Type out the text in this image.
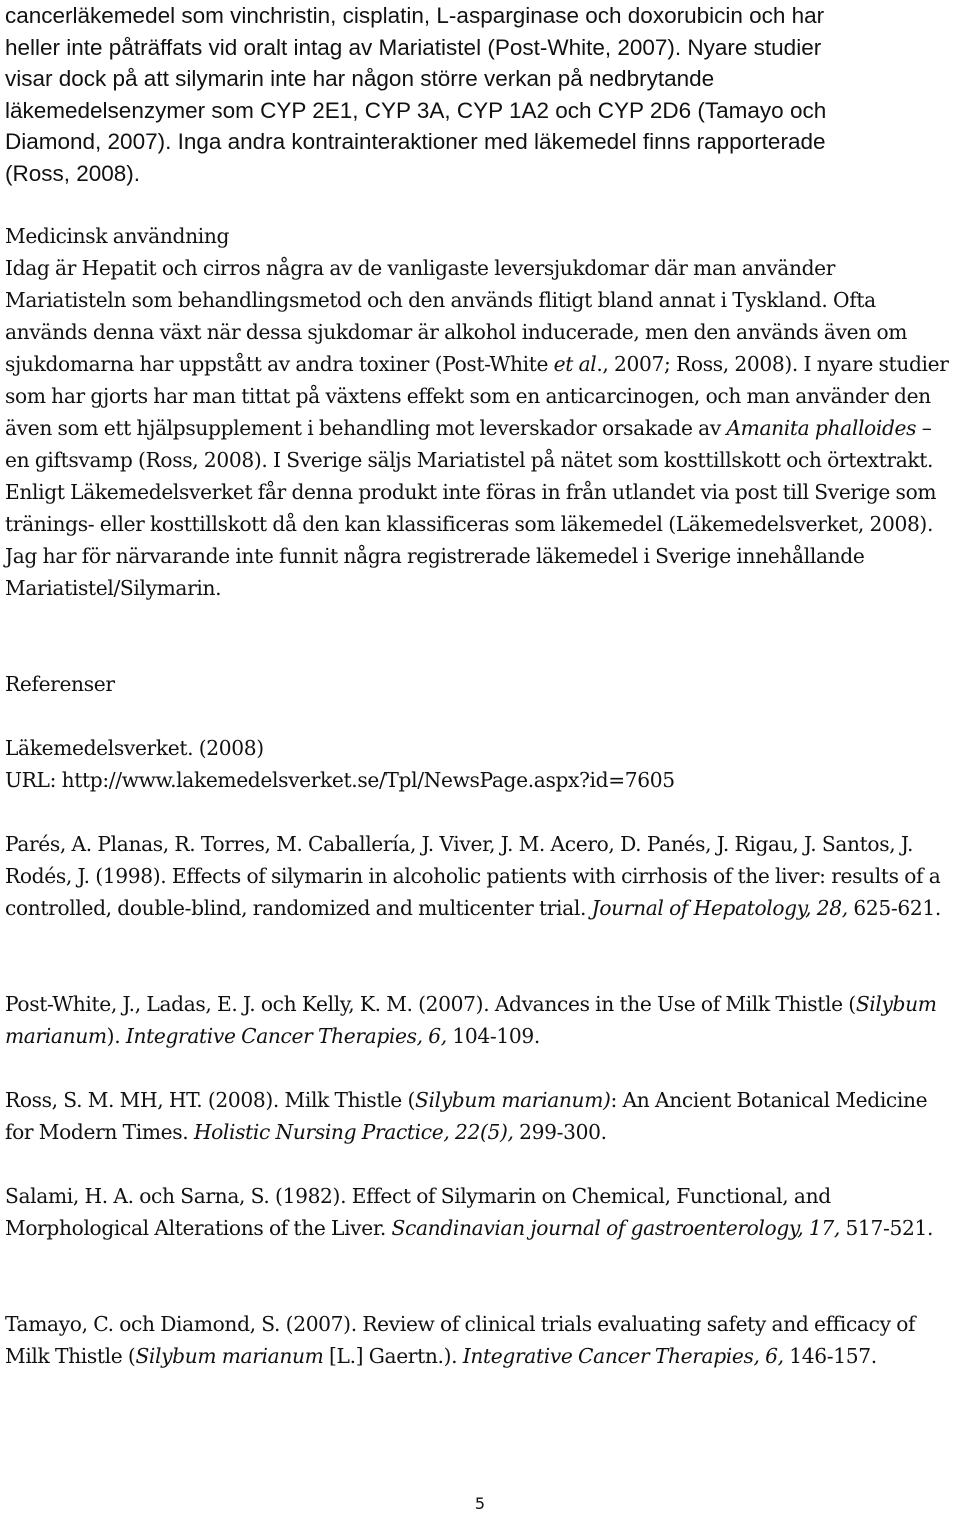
cancerläkemedel som vinchristin, cisplatin, L-asparginase och doxorubicin och har
heller inte påträffats vid oralt intag av Mariatistel (Post-White, 2007). Nyare studier
visar dock på att silymarin inte har någon större verkan på nedbrytande
läkemedelsenzymer som CYP 2E1, CYP 3A, CYP 1A2 och CYP 2D6 (Tamayo och
Diamond, 2007). Inga andra kontrainteraktioner med läkemedel finns rapporterade
(Ross, 2008).
Medicinsk användning

Idag är Hepatit och cirros några av de vanligaste leversjukdomar där man använder Mariatisteln som behandlingsmetod och den används flitigt bland annat i Tyskland. Ofta används denna växt när dessa sjukdomar är alkohol inducerade, men den används även om sjukdomarna har uppstått av andra toxiner (Post-White et al., 2007; Ross, 2008). I nyare studier som har gjorts har man tittat på växtens effekt som en anticarcinogen, och man använder den även som ett hjälpsupplement i behandling mot leverskador orsakade av Amanita phalloides – en giftsvamp (Ross, 2008). I Sverige säljs Mariatistel på nätet som kosttillskott och örtextrakt. Enligt Läkemedelsverket får denna produkt inte föras in från utlandet via post till Sverige som tränings- eller kosttillskott då den kan klassificeras som läkemedel (Läkemedelsverket, 2008). Jag har för närvarande inte funnit några registrerade läkemedel i Sverige innehållande Mariatistel/Silymarin.

Referenser

Läkemedelsverket. (2008)
URL: http://www.lakemedelsverket.se/Tpl/NewsPage.aspx?id=7605

Parés, A. Planas, R. Torres, M. Caballería, J. Viver, J. M. Acero, D. Panés, J. Rigau, J. Santos, J. Rodés, J. (1998). Effects of silymarin in alcoholic patients with cirrhosis of the liver: results of a controlled, double-blind, randomized and multicenter trial. Journal of Hepatology, 28, 625-621.

Post-White, J., Ladas, E. J. och Kelly, K. M. (2007). Advances in the Use of Milk Thistle (Silybum marianum). Integrative Cancer Therapies, 6, 104-109.

Ross, S. M. MH, HT. (2008). Milk Thistle (Silybum marianum): An Ancient Botanical Medicine for Modern Times. Holistic Nursing Practice, 22(5), 299-300.

Salami, H. A. och Sarna, S. (1982). Effect of Silymarin on Chemical, Functional, and Morphological Alterations of the Liver. Scandinavian journal of gastroenterology, 17, 517-521.

Tamayo, C. och Diamond, S. (2007). Review of clinical trials evaluating safety and efficacy of Milk Thistle (Silybum marianum [L.] Gaertn.). Integrative Cancer Therapies, 6, 146-157.

5
